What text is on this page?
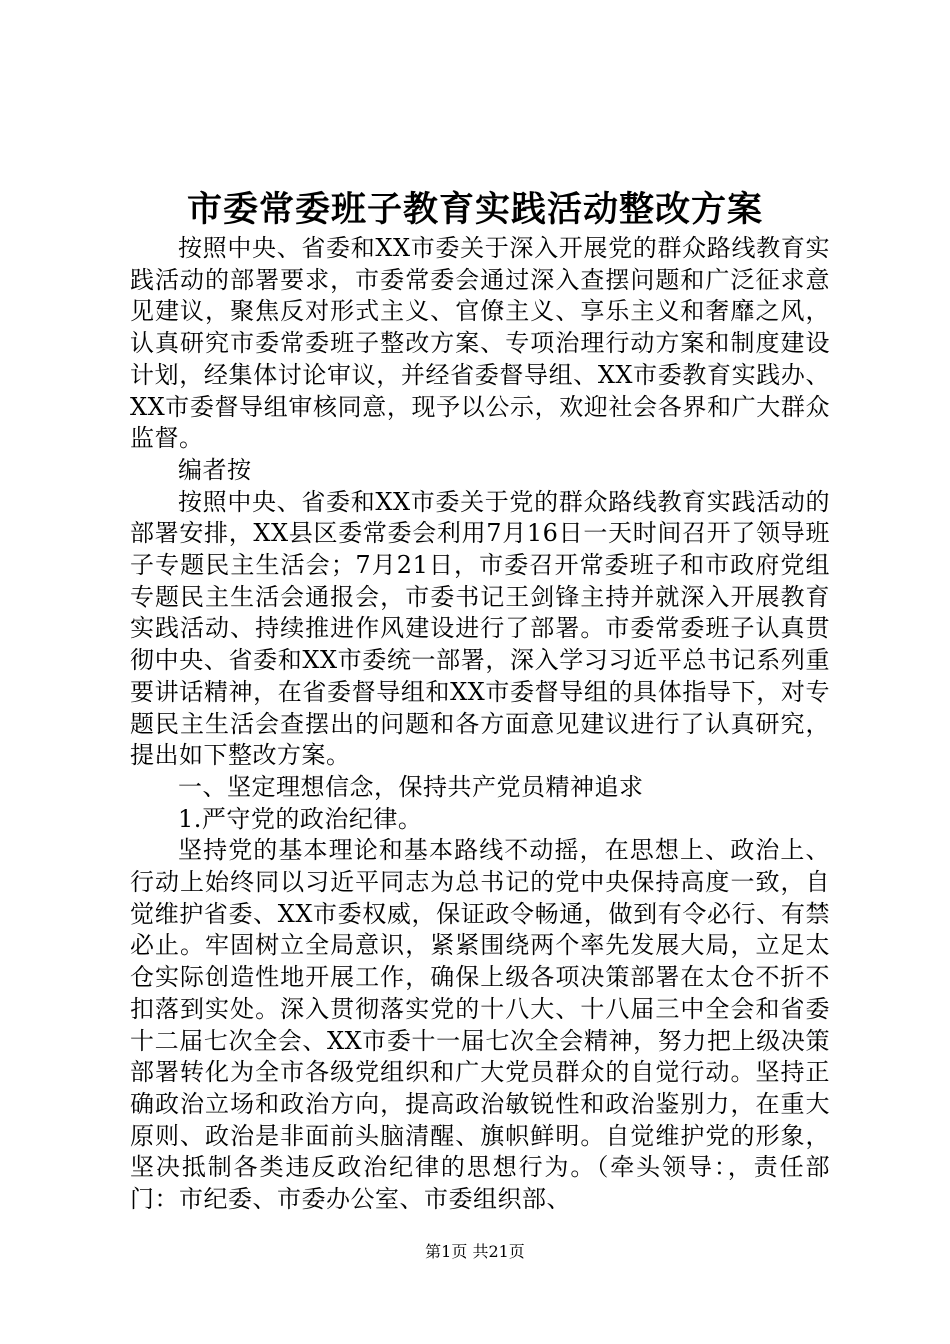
市委常委班子教育实践活动整改方案

按照中央、省委和XX市委关于深入开展党的群众路线教育实践活动的部署要求，市委常委会通过深入查摆问题和广泛征求意见建议，聚焦反对形式主义、官僚主义、享乐主义和奢靡之风，认真研究市委常委班子整改方案、专项治理行动方案和制度建设计划，经集体讨论审议，并经省委督导组、XX市委教育实践办、XX市委督导组审核同意，现予以公示，欢迎社会各界和广大群众监督。

编者按

按照中央、省委和XX市委关于党的群众路线教育实践活动的部署安排，XX县区委常委会利用7月16日一天时间召开了领导班子专题民主生活会；7月21日，市委召开常委班子和市政府党组专题民主生活会通报会，市委书记王剑锋主持并就深入开展教育实践活动、持续推进作风建设进行了部署。市委常委班子认真贯彻中央、省委和XX市委统一部署，深入学习习近平总书记系列重要讲话精神，在省委督导组和XX市委督导组的具体指导下，对专题民主生活会查摆出的问题和各方面意见建议进行了认真研究，提出如下整改方案。

一、坚定理想信念，保持共产党员精神追求

1.严守党的政治纪律。

坚持党的基本理论和基本路线不动摇，在思想上、政治上、行动上始终同以习近平同志为总书记的党中央保持高度一致，自觉维护省委、XX市委权威，保证政令畅通，做到有令必行、有禁必止。牢固树立全局意识，紧紧围绕两个率先发展大局，立足太仓实际创造性地开展工作，确保上级各项决策部署在太仓不折不扣落到实处。深入贯彻落实党的十八大、十八届三中全会和省委十二届七次全会、XX市委十一届七次全会精神，努力把上级决策部署转化为全市各级党组织和广大党员群众的自觉行动。坚持正确政治立场和政治方向，提高政治敏锐性和政治鉴别力，在重大原则、政治是非面前头脑清醒、旗帜鲜明。自觉维护党的形象，坚决抵制各类违反政治纪律的思想行为。（牵头领导：，责任部门：市纪委、市委办公室、市委组织部、

第1页 共21页
